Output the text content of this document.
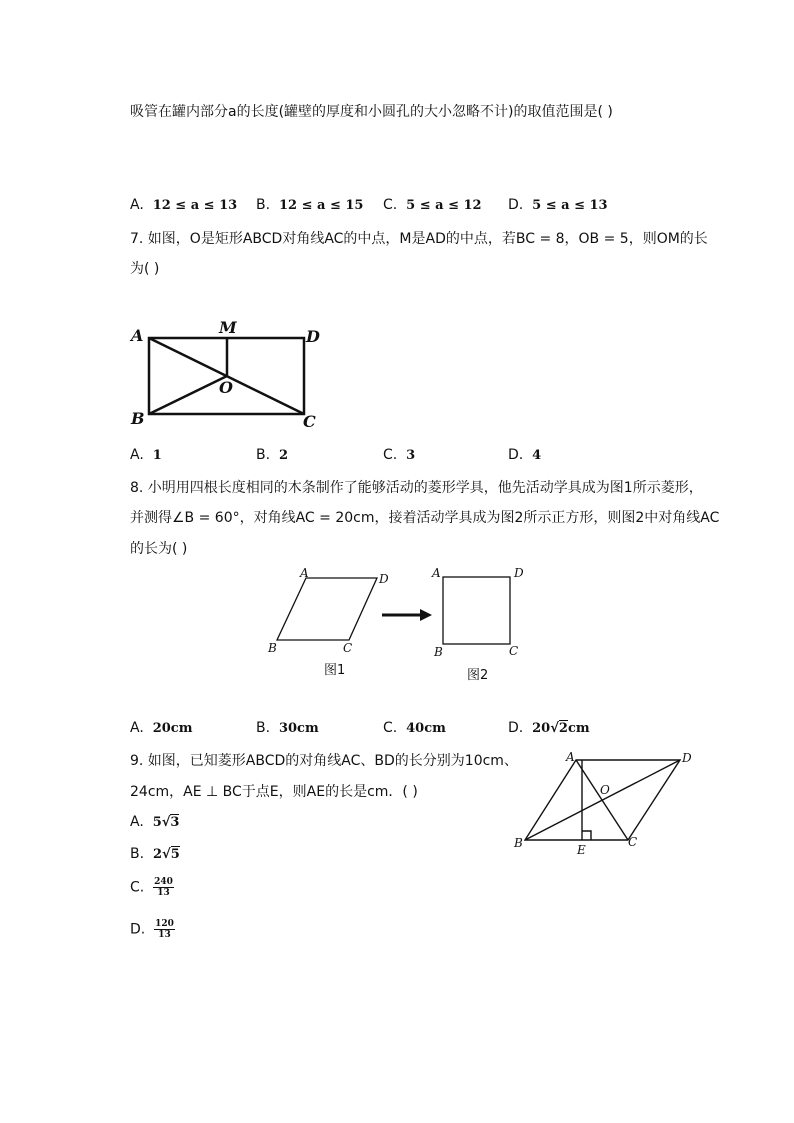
吸管在罐内部分a的长度(罐壁的厚度和小圆孔的大小忽略不计)的取值范围是( )
A. 12 ≤ a ≤ 13 B. 12 ≤ a ≤ 15 C. 5 ≤ a ≤ 12 D. 5 ≤ a ≤ 13
7. 如图，O是矩形ABCD对角线AC的中点，M是AD的中点，若BC = 8，OB = 5，则OM的长
为( )
A	M	D
O
B	C
A. 1	B. 2	C. 3	D. 4
8. 小明用四根长度相同的木条制作了能够活动的菱形学具，他先活动学具成为图1所示菱形，
并测得∠B = 60°，对角线AC = 20cm，接着活动学具成为图2所示正方形，则图2中对角线AC
的长为( )
A	D
B	C
A	D
B	C
图1	图2
A. 20cm	B. 30cm	C. 40cm	D. 20√2cm
9. 如图，已知菱形ABCD的对角线AC、BD的长分别为10cm、
24cm，AE ⊥ BC于点E，则AE的长是cm．( )
A	D
O
B	E
C
A. 5√3
B. 2√5
C. $\frac{240}{13}$
D. $\frac{120}{13}$
